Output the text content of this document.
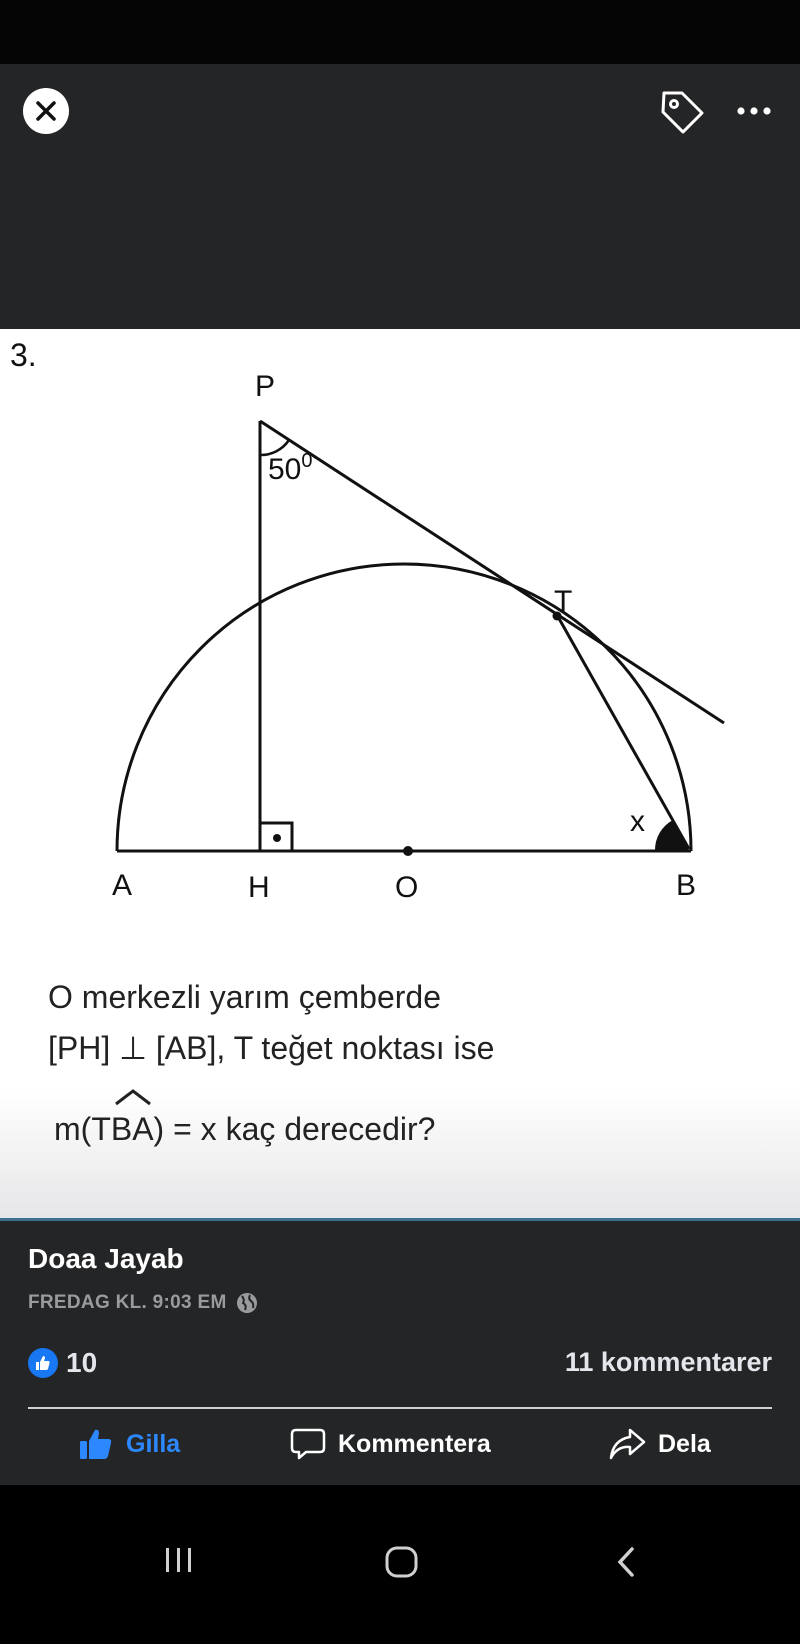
3.
P
$50^0$
T
x
A	H	O	B
O merkezli yarım çemberde
[PH] ⊥ [AB], T teğet noktası ise
m(TBA) = x kaç derecedir?
Doaa Jayab
FREDAG KL. 9:03 EM
10	11 kommentarer
Gilla	Kommentera	Dela
